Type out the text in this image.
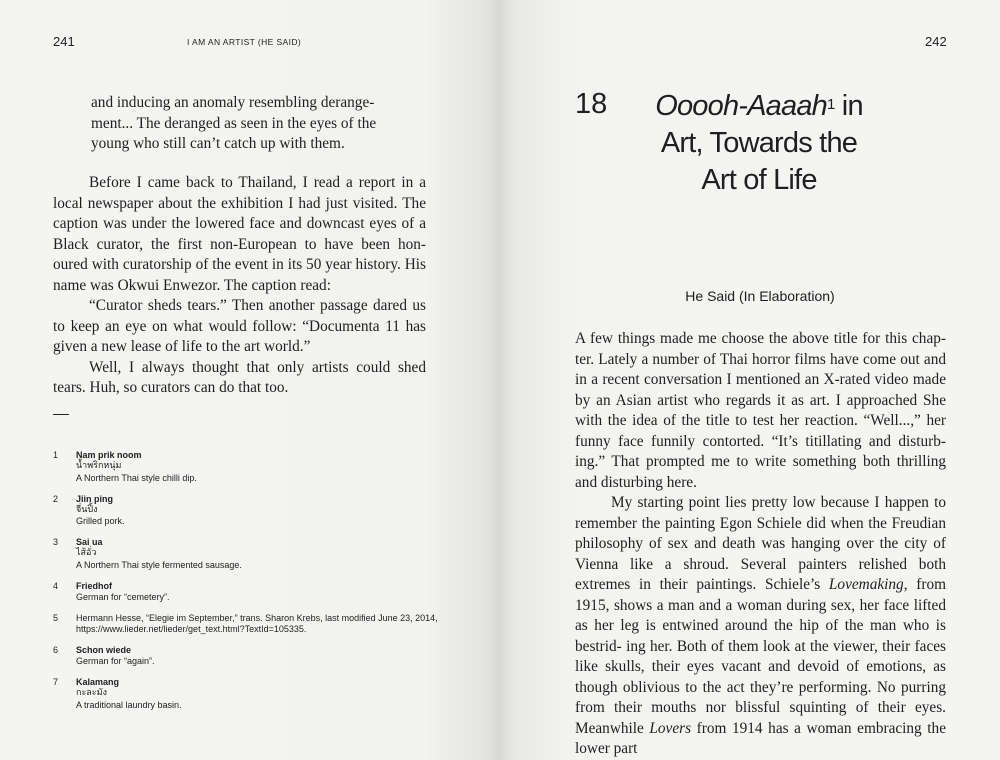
241	I AM AN ARTIST (HE SAID)
and inducing an anomaly resembling derange- ment... The deranged as seen in the eyes of the young who still can’t catch up with them.

Before I came back to Thailand, I read a report in a local newspaper about the exhibition I had just visited. The caption was under the lowered face and downcast eyes of a Black curator, the first non-European to have been hon- oured with curatorship of the event in its 50 year history. His name was Okwui Enwezor. The caption read:

“Curator sheds tears.” Then another passage dared us to keep an eye on what would follow: “Documenta 11 has given a new lease of life to the art world.”

Well, I always thought that only artists could shed tears. Huh, so curators can do that too.

1 Nam prik noom
น้ำพริกหนุ่ม
A Northern Thai style chilli dip.
2 Jiin ping
จี่นปิ้ง
Grilled pork.
3 Sai ua
ไส้อั่ว
A Northern Thai style fermented sausage.
4 Friedhof
German for “cemetery”.
5 Hermann Hesse, “Elegie im September,” trans. Sharon Krebs, last modified June 23, 2014, https://www.lieder.net/lieder/get_text.html?TextId=105335.
6 Schon wiede
German for “again”.
7 Kalamang
กะละมัง
A traditional laundry basin.
242
18	Ooooh-Aaaah$^1$ in
Art, Towards the
Art of Life
He Said (In Elaboration)

A few things made me choose the above title for this chap- ter. Lately a number of Thai horror films have come out and in a recent conversation I mentioned an X-rated video made by an Asian artist who regards it as art. I approached She with the idea of the title to test her reaction. “Well...,” her funny face funnily contorted. “It’s titillating and disturb- ing.” That prompted me to write something both thrilling and disturbing here.

My starting point lies pretty low because I happen to remember the painting Egon Schiele did when the Freudian philosophy of sex and death was hanging over the city of Vienna like a shroud. Several painters relished both extremes in their paintings. Schiele’s Lovemaking, from 1915, shows a man and a woman during sex, her face lifted as her leg is entwined around the hip of the man who is bestrid- ing her. Both of them look at the viewer, their faces like skulls, their eyes vacant and devoid of emotions, as though oblivious to the act they’re performing. No purring from their mouths nor blissful squinting of their eyes. Meanwhile Lovers from 1914 has a woman embracing the lower part
